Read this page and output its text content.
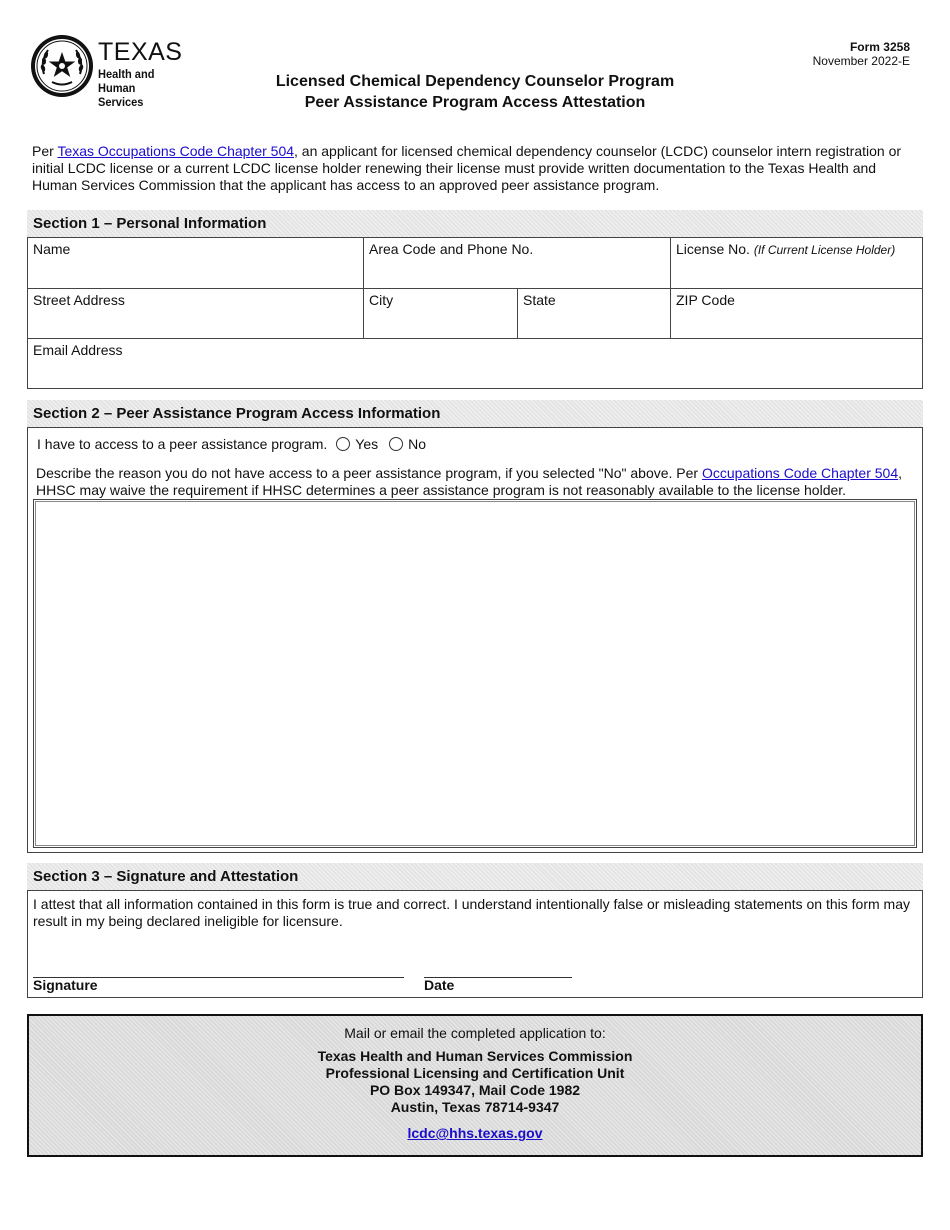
TEXAS
Health and Human
Services
Form 3258
November 2022-E
Licensed Chemical Dependency Counselor Program
Peer Assistance Program Access Attestation

Per Texas Occupations Code Chapter 504, an applicant for licensed chemical dependency counselor (LCDC) counselor intern registration or initial LCDC license or a current LCDC license holder renewing their license must provide written documentation to the Texas Health and Human Services Commission that the applicant has access to an approved peer assistance program.

Section 1 – Personal Information
Name	Area Code and Phone No.	License No. (If Current License Holder)
Street Address	City	State	ZIP Code
Email Address
Section 2 – Peer Assistance Program Access Information
I have to access to a peer assistance program. Yes No

Describe the reason you do not have access to a peer assistance program, if you selected "No" above. Per Occupations Code Chapter 504, HHSC may waive the requirement if HHSC determines a peer assistance program is not reasonably available to the license holder.

Section 3 – Signature and Attestation

I attest that all information contained in this form is true and correct. I understand intentionally false or misleading statements on this form may result in my being declared ineligible for licensure.

Signature	Date
Mail or email the completed application to:
Texas Health and Human Services Commission
Professional Licensing and Certification Unit
PO Box 149347, Mail Code 1982
Austin, Texas 78714-9347
lcdc@hhs.texas.gov
